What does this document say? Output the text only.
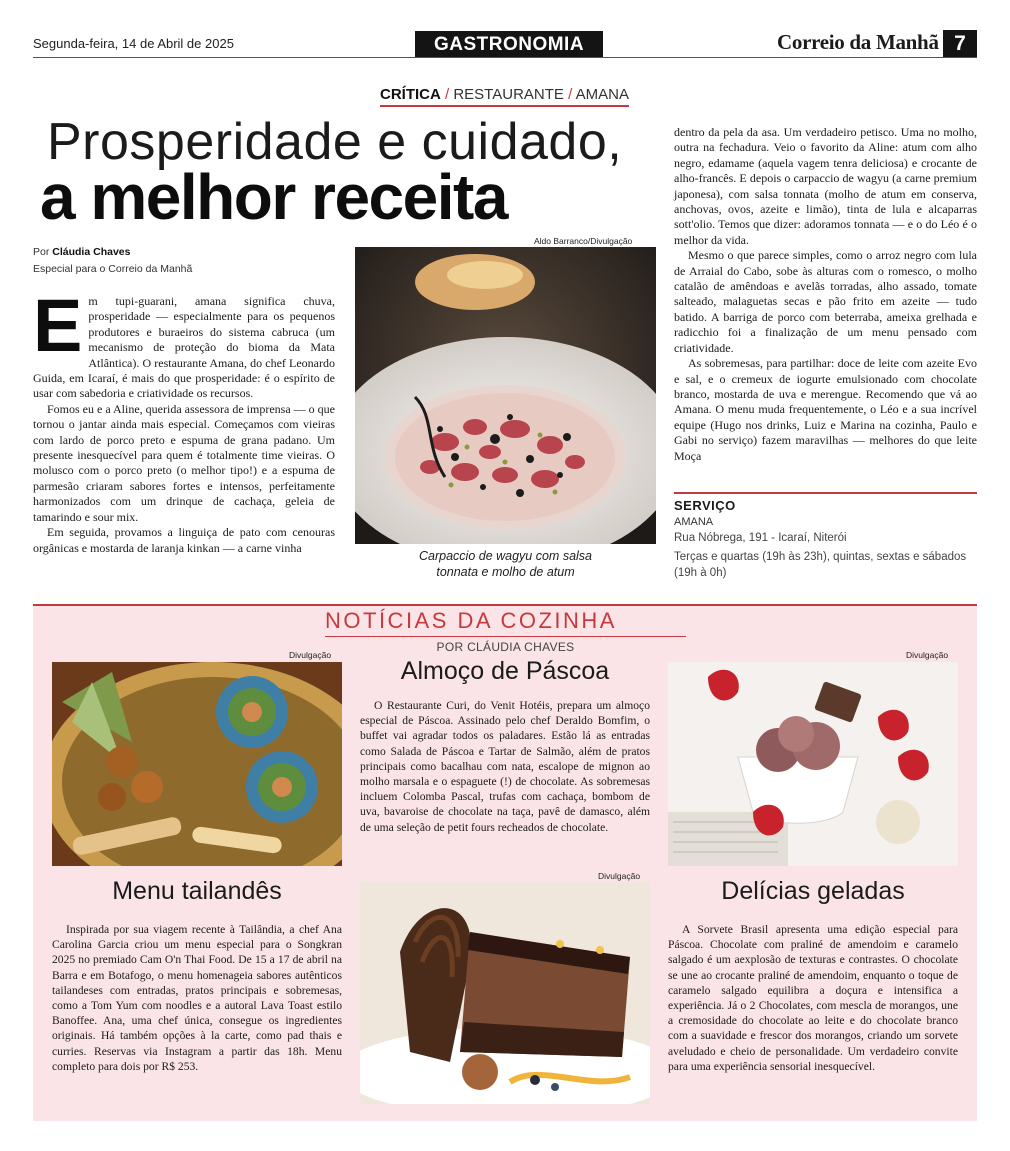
Segunda-feira, 14 de Abril de 2025	GASTRONOMIA	Correio da Manhã 7
CRÍTICA / RESTAURANTE / AMANA
Prosperidade e cuidado,
a melhor receita
Por Cláudia Chaves
Especial para o Correio da Manhã

Em tupi-guarani, amana significa chuva, prosperidade — especialmente para os pequenos produtores e buraeiros do sistema cabruca (um mecanismo de proteção do bioma da Mata Atlântica). O restaurante Amana, do chef Leonardo Guida, em Icaraí, é mais do que prosperidade: é o espírito de usar com sabedoria e criatividade os recursos.

Fomos eu e a Aline, querida assessora de imprensa — o que tornou o jantar ainda mais especial. Começamos com vieiras com lardo de porco preto e espuma de grana padano. Um presente inesquecível para quem é totalmente time vieiras. O molusco com o porco preto (o melhor tipo!) e a espuma de parmesão criaram sabores fortes e intensos, perfeitamente harmonizados com um drinque de cachaça, geleia de tamarindo e sour mix.

Em seguida, provamos a linguiça de pato com cenouras orgânicas e mostarda de laranja kinkan — a carne vinha

Aldo Barranco/Divulgação
Carpaccio de wagyu com salsa
tonnata e molho de atum

dentro da pela da asa. Um verdadeiro petisco. Uma no molho, outra na fechadura. Veio o favorito da Aline: atum com alho negro, edamame (aquela vagem tenra deliciosa) e crocante de alho-francês. E depois o carpaccio de wagyu (a carne premium japonesa), com salsa tonnata (molho de atum em conserva, anchovas, ovos, azeite e limão), tinta de lula e alcaparras sott'olio. Temos que dizer: adoramos tonnata — e o do Léo é o melhor da vida.

Mesmo o que parece simples, como o arroz negro com lula de Arraial do Cabo, sobe às alturas com o romesco, o molho catalão de amêndoas e avelãs torradas, alho assado, tomate salteado, malaguetas secas e pão frito em azeite — tudo batido. A barriga de porco com beterraba, ameixa grelhada e radicchio foi a finalização de um menu pensado com criatividade.

As sobremesas, para partilhar: doce de leite com azeite Evo e sal, e o cremeux de iogurte emulsionado com chocolate branco, mostarda de uva e merengue. Recomendo que vá ao Amana. O menu muda frequentemente, o Léo e a sua incrível equipe (Hugo nos drinks, Luiz e Marina na cozinha, Paulo e Gabi no serviço) fazem maravilhas — melhores do que leite Moça

SERVIÇO
AMANA
Rua Nóbrega, 191 - Icaraí, Niterói
Terças e quartas (19h às 23h), quintas, sextas e sábados (19h à 0h)
NOTÍCIAS DA COZINHA
POR CLÁUDIA CHAVES
Divulgação
Menu tailandês

Inspirada por sua viagem recente à Tailândia, a chef Ana Carolina Garcia criou um menu especial para o Songkran 2025 no premiado Cam O'n Thai Food. De 15 a 17 de abril na Barra e em Botafogo, o menu homenageia sabores autênticos tailandeses com entradas, pratos principais e sobremesas, como a Tom Yum com noodles e a autoral Lava Toast estilo Banoffee. Ana, uma chef única, consegue os ingredientes originais. Há também opções à la carte, como pad thais e curries. Reservas via Instagram a partir das 18h. Menu completo para dois por R$ 253.

Almoço de Páscoa

O Restaurante Curi, do Venit Hotéis, prepara um almoço especial de Páscoa. Assinado pelo chef Deraldo Bomfim, o buffet vai agradar todos os paladares. Estão lá as entradas como Salada de Páscoa e Tartar de Salmão, além de pratos principais como bacalhau com nata, escalope de mignon ao molho marsala e o espaguete (!) de chocolate. As sobremesas incluem Colomba Pascal, trufas com cachaça, bombom de uva, bavaroise de chocolate na taça, pavê de damasco, além de uma seleção de petit fours recheados de chocolate.

Divulgação
Divulgação
Delícias geladas

A Sorvete Brasil apresenta uma edição especial para Páscoa. Chocolate com praliné de amendoim e caramelo salgado é um aexplosão de texturas e contrastes. O chocolate se une ao crocante praliné de amendoim, enquanto o toque de caramelo salgado equilibra a doçura e intensifica a experiência. Já o 2 Chocolates, com mescla de morangos, une a cremosidade do chocolate ao leite e do chocolate branco com a suavidade e frescor dos morangos, criando um sorvete aveludado e cheio de personalidade. Um verdadeiro convite para uma experiência sensorial inesquecível.
